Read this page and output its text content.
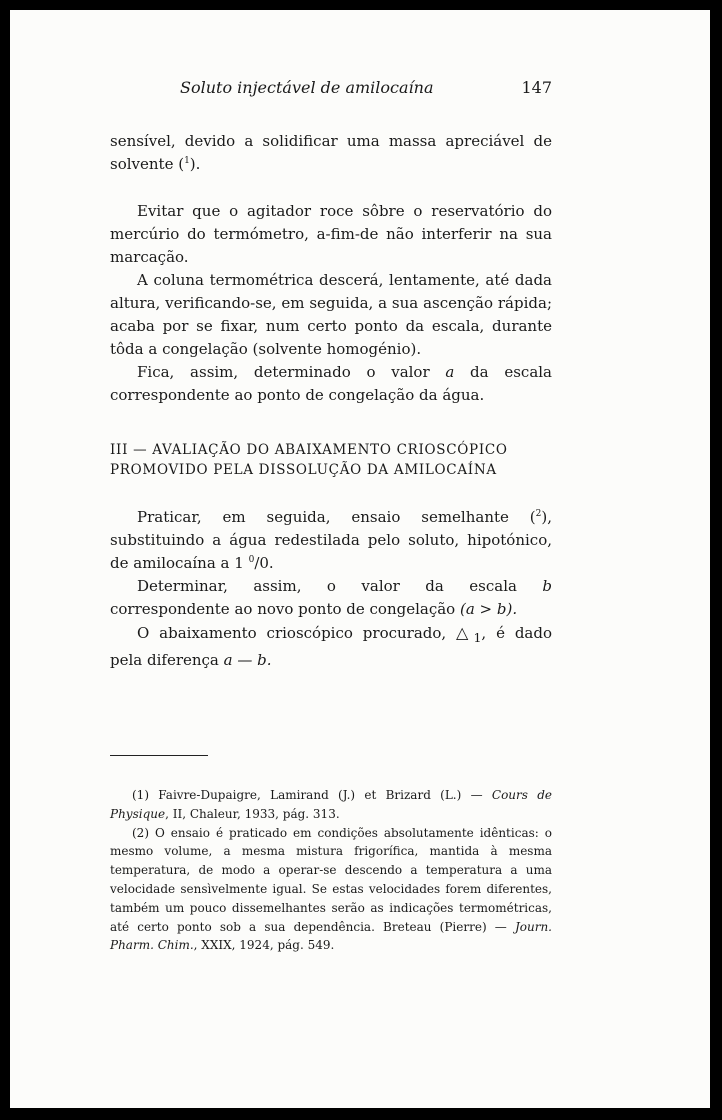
Soluto injectável de amilocaína	147

sensível, devido a solidificar uma massa apreciável de solvente ($^1$).

Evitar que o agitador roce sôbre o reservatório do mercúrio do termómetro, a-fim-de não interferir na sua marcação.

A coluna termométrica descerá, lentamente, até dada altura, verificando-se, em seguida, a sua ascenção rápida; acaba por se fixar, num certo ponto da escala, durante tôda a congelação (solvente homogénio).

Fica, assim, determinado o valor a da escala correspondente ao ponto de congelação da água.

III — AVALIAÇÃO DO ABAIXAMENTO CRIOSCÓPICO
PROMOVIDO PELA DISSOLUÇÃO DA AMILOCAÍNA

Praticar, em seguida, ensaio semelhante ($^2$), substituindo a água redestilada pelo soluto, hipotónico, de amilocaína a 1 $^0$/0.

Determinar, assim, o valor da escala b correspondente ao novo ponto de congelação (a > b).

O abaixamento crioscópico procurado, $\triangle_1$, é dado pela diferença a — b.

(1) Faivre-Dupaigre, Lamirand (J.) et Brizard (L.) — Cours de Physique, II, Chaleur, 1933, pág. 313.

(2) O ensaio é praticado em condições absolutamente idênticas: o mesmo volume, a mesma mistura frigorífica, mantida à mesma temperatura, de modo a operar-se descendo a temperatura a uma velocidade sensìvelmente igual. Se estas velocidades forem diferentes, também um pouco dissemelhantes serão as indicações termométricas, até certo ponto sob a sua dependência. Breteau (Pierre) — Journ. Pharm. Chim., XXIX, 1924, pág. 549.
